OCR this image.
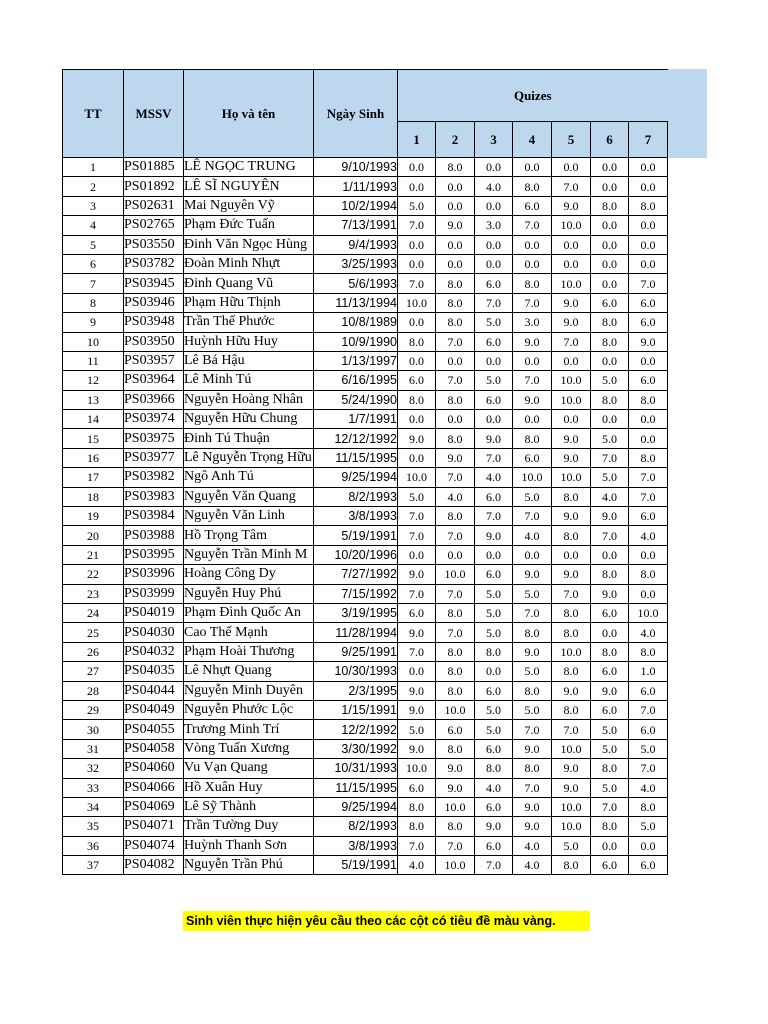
TT	MSSV	Họ và tên	Ngày Sinh	Quizes						
				1	2	3	4	5	6	7
1	PS01885	LÊ NGỌC TRUNG	9/10/1993	0.0	8.0	0.0	0.0	0.0	0.0	0.0
2	PS01892	LÊ SĨ NGUYÊN	1/11/1993	0.0	0.0	4.0	8.0	7.0	0.0	0.0
3	PS02631	Mai Nguyên Vỹ	10/2/1994	5.0	0.0	0.0	6.0	9.0	8.0	8.0
4	PS02765	Phạm Đức Tuấn	7/13/1991	7.0	9.0	3.0	7.0	10.0	0.0	0.0
5	PS03550	Đinh Văn Ngọc Hùng	9/4/1993	0.0	0.0	0.0	0.0	0.0	0.0	0.0
6	PS03782	Đoàn Minh Nhựt	3/25/1993	0.0	0.0	0.0	0.0	0.0	0.0	0.0
7	PS03945	Đinh Quang Vũ	5/6/1993	7.0	8.0	6.0	8.0	10.0	0.0	7.0
8	PS03946	Phạm Hữu Thịnh	11/13/1994	10.0	8.0	7.0	7.0	9.0	6.0	6.0
9	PS03948	Trần Thế Phước	10/8/1989	0.0	8.0	5.0	3.0	9.0	8.0	6.0
10	PS03950	Huỳnh Hữu Huy	10/9/1990	8.0	7.0	6.0	9.0	7.0	8.0	9.0
11	PS03957	Lê Bá Hậu	1/13/1997	0.0	0.0	0.0	0.0	0.0	0.0	0.0
12	PS03964	Lê Minh Tú	6/16/1995	6.0	7.0	5.0	7.0	10.0	5.0	6.0
13	PS03966	Nguyễn Hoàng Nhân	5/24/1990	8.0	8.0	6.0	9.0	10.0	8.0	8.0
14	PS03974	Nguyễn Hữu Chung	1/7/1991	0.0	0.0	0.0	0.0	0.0	0.0	0.0
15	PS03975	Đinh Tú Thuận	12/12/1992	9.0	8.0	9.0	8.0	9.0	5.0	0.0
16	PS03977	Lê Nguyễn Trọng Hữu	11/15/1995	0.0	9.0	7.0	6.0	9.0	7.0	8.0
17	PS03982	Ngô Anh Tú	9/25/1994	10.0	7.0	4.0	10.0	10.0	5.0	7.0
18	PS03983	Nguyễn Văn Quang	8/2/1993	5.0	4.0	6.0	5.0	8.0	4.0	7.0
19	PS03984	Nguyễn Văn Linh	3/8/1993	7.0	8.0	7.0	7.0	9.0	9.0	6.0
20	PS03988	Hồ Trọng Tâm	5/19/1991	7.0	7.0	9.0	4.0	8.0	7.0	4.0
21	PS03995	Nguyễn Trần Minh M	10/20/1996	0.0	0.0	0.0	0.0	0.0	0.0	0.0
22	PS03996	Hoàng Công Dy	7/27/1992	9.0	10.0	6.0	9.0	9.0	8.0	8.0
23	PS03999	Nguyễn Huy Phú	7/15/1992	7.0	7.0	5.0	5.0	7.0	9.0	0.0
24	PS04019	Phạm Đình Quốc An	3/19/1995	6.0	8.0	5.0	7.0	8.0	6.0	10.0
25	PS04030	Cao Thế Mạnh	11/28/1994	9.0	7.0	5.0	8.0	8.0	0.0	4.0
26	PS04032	Phạm Hoài Thương	9/25/1991	7.0	8.0	8.0	9.0	10.0	8.0	8.0
27	PS04035	Lê Nhựt Quang	10/30/1993	0.0	8.0	0.0	5.0	8.0	6.0	1.0
28	PS04044	Nguyễn Minh Duyên	2/3/1995	9.0	8.0	6.0	8.0	9.0	9.0	6.0
29	PS04049	Nguyễn Phước Lộc	1/15/1991	9.0	10.0	5.0	5.0	8.0	6.0	7.0
30	PS04055	Trương Minh Trí	12/2/1992	5.0	6.0	5.0	7.0	7.0	5.0	6.0
31	PS04058	Vòng Tuấn Xương	3/30/1992	9.0	8.0	6.0	9.0	10.0	5.0	5.0
32	PS04060	Vu Vạn Quang	10/31/1993	10.0	9.0	8.0	8.0	9.0	8.0	7.0
33	PS04066	Hồ Xuân Huy	11/15/1995	6.0	9.0	4.0	7.0	9.0	5.0	4.0
34	PS04069	Lê Sỹ Thành	9/25/1994	8.0	10.0	6.0	9.0	10.0	7.0	8.0
35	PS04071	Trần Tường Duy	8/2/1993	8.0	8.0	9.0	9.0	10.0	8.0	5.0
36	PS04074	Huỳnh Thanh Sơn	3/8/1993	7.0	7.0	6.0	4.0	5.0	0.0	0.0
37	PS04082	Nguyễn Trần Phú	5/19/1991	4.0	10.0	7.0	4.0	8.0	6.0	6.0
Sinh viên thực hiện yêu cầu theo các cột có tiêu đề màu vàng.
